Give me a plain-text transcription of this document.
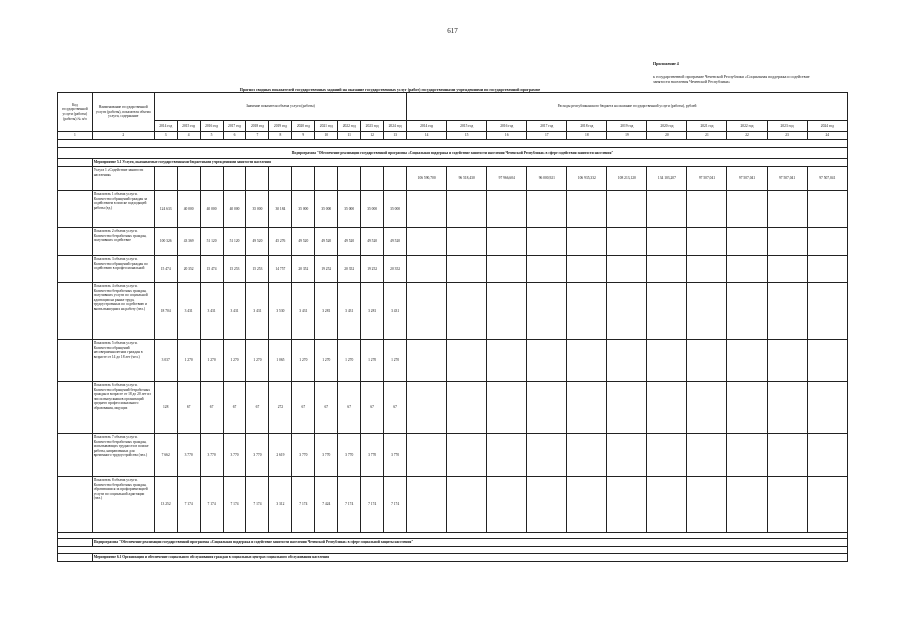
617
Приложение 4
к государственной программе Чеченской Республики «Социальная поддержка и содействие
занятости населения Чеченской Республики»
Прогноз сводных показателей государственных заданий на оказание государственных услуг (работ) государственными учреждениями по государственной программе
Код государственной услуги (работы) (работы) № п/п	Наименование государственной услуги (работы), показателя объема услуги, содержание	Значение показателя объема услуги (работы)											Расходы республиканского бюджета на оказание государственной услуги (работы), рублей										
		2014 год	2015 год	2016 год	2017 год	2018 год	2019 год	2020 год	2021 год	2022 год	2023 год	2024 год	2014 год	2015 год	2016 год	2017 год	2018 год	2019 год	2020 год	2021 год	2022 год	2023 год	2024 год
1	2	3	4	5	6	7	8	9	10	11	12	13	14	15	16	17	18	19	20	21	22	23	24

Подпрограмма "Обеспечение реализации государственной программы «Социальная поддержка и содействие занятости населения Чеченской Республики» в сфере содействия занятости населения"																							
	Мероприятие 5.1 Услуги, оказываемые государственными бюджетными учреждениями занятости населения																						
	Услуга 1 «Содействие занятости населения»												106 590,700	96 518,430	97 966,604	96 000,921	106 935,332	108 213,120	134 103,207	97 507,041	97 507,041	97 507,041	97 507,041
	Показатель 1 объема услуги. Количество обращений граждан за содействием в поиске подходящей работы (ед.)	124 633	40 000	40 000	40 000	35 000	30 184	35 000	35 000	35 000	35 000	35 000											
	Показатель 2 объема услуги. Количество безработных граждан, получивших содействие	100 326	43 369	51 120	51 120	49 520	45 276	49 520	49 520	49 520	49 520	49 520											
	Показатель 3 объема услуги. Количество обращений граждан по содействию в профессиональной	15 474	20 352	15 474	15 253	15 253	14 757	20 352	19 252	20 352	19 252	20 352											
	Показатель 4 объема услуги. Количество безработных граждан, получивших услуги по социальной адаптации на рынке труда, трудоустроенных по содействию и вновь вышедших на работу (чел.)	18 704	3 431	3 431	3 431	3 431	3 530	3 431	3 281	3 431	3 281	3 431											
	Показатель 5 объема услуги. Количество обращений несовершеннолетних граждан в возрасте от 14 до 18 лет (чел.)	3 037	1 270	1 270	1 270	1 270	1 065	1 270	1 270	1 270	1 270	1 270											
	Показатель 6 объема услуги. Количество обращений безработных граждан в возрасте от 18 до 20 лет из числа выпускников организаций среднего профессионального образования, ищущих	128	67	67	67	67	272	67	67	67	67	67											
	Показатель 7 объема услуги. Количество безработных граждан, испытывающих трудности в поиске работы, направленных для временного трудоустройства (чел.)	7 662	3 770	3 770	3 770	3 770	2 619	3 770	3 770	3 770	3 770	3 770											
	Показатель 8 объема услуги. Количество безработных граждан, обратившихся за профориентацией услуги по социальной адаптации (чел.)	13 252	7 174	7 174	7 174	7 174	3 312	7 174	7 424	7 174	7 174	7 174											

	Подпрограмма "Обеспечение реализации государственной программы «Социальная поддержка и содействие занятости населения Чеченской Республики» в сфере социальной защиты населения"																						

	Мероприятие 6.1 Организация и обеспечение социального обслуживания граждан в социальных центрах социального обслуживания населения																						
